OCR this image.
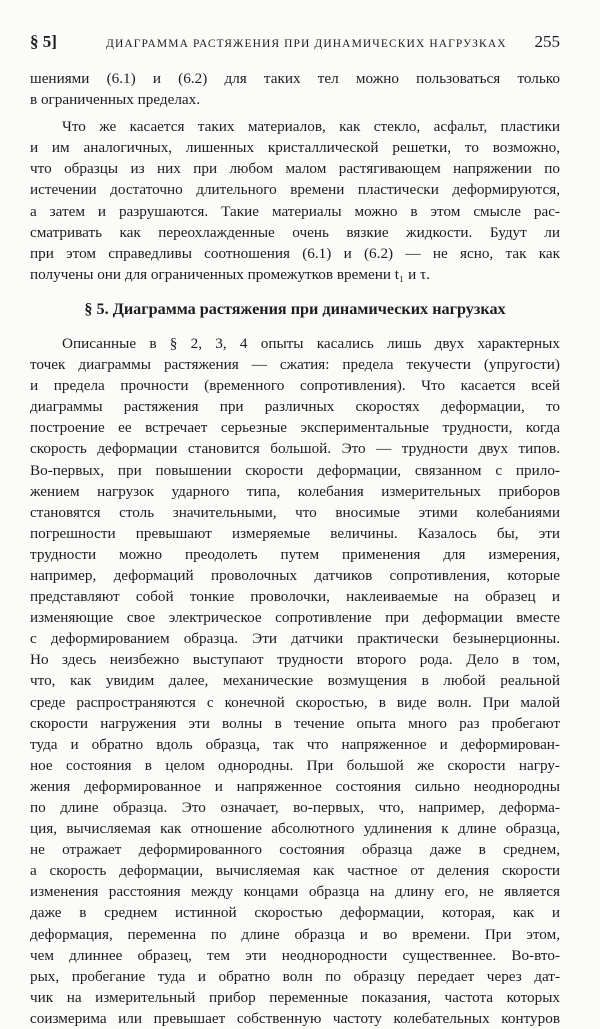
§ 5]	ДИАГРАММА РАСТЯЖЕНИЯ ПРИ ДИНАМИЧЕСКИХ НАГРУЗКАХ	255
шениями (6.1) и (6.2) для таких тел можно пользоваться только
в ограниченных пределах.
Что же касается таких материалов, как стекло, асфальт, пластики
и им аналогичных, лишенных кристаллической решетки, то возможно,
что образцы из них при любом малом растягивающем напряжении по
истечении достаточно длительного времени пластически деформируются,
а затем и разрушаются. Такие материалы можно в этом смысле рас-
сматривать как переохлажденные очень вязкие жидкости. Будут ли
при этом справедливы соотношения (6.1) и (6.2) — не ясно, так как
получены они для ограниченных промежутков времени t₁ и τ.
§ 5. Диаграмма растяжения при динамических нагрузках
Описанные в § 2, 3, 4 опыты касались лишь двух характерных
точек диаграммы растяжения — сжатия: предела текучести (упругости)
и предела прочности (временного сопротивления). Что касается всей
диаграммы растяжения при различных скоростях деформации, то
построение ее встречает серьезные экспериментальные трудности, когда
скорость деформации становится большой. Это — трудности двух типов.
Во-первых, при повышении скорости деформации, связанном с прило-
жением нагрузок ударного типа, колебания измерительных приборов
становятся столь значительными, что вносимые этими колебаниями
погрешности превышают измеряемые величины. Казалось бы, эти
трудности можно преодолеть путем применения для измерения,
например, деформаций проволочных датчиков сопротивления, которые
представляют собой тонкие проволочки, наклеиваемые на образец и
изменяющие свое электрическое сопротивление при деформации вместе
с деформированием образца. Эти датчики практически безынерционны.
Но здесь неизбежно выступают трудности второго рода. Дело в том,
что, как увидим далее, механические возмущения в любой реальной
среде распространяются с конечной скоростью, в виде волн. При малой
скорости нагружения эти волны в течение опыта много раз пробегают
туда и обратно вдоль образца, так что напряженное и деформирован-
ное состояния в целом однородны. При большой же скорости нагру-
жения деформированное и напряженное состояния сильно неоднородны
по длине образца. Это означает, во-первых, что, например, деформа-
ция, вычисляемая как отношение абсолютного удлинения к длине образца,
не отражает деформированного состояния образца даже в среднем,
а скорость деформации, вычисляемая как частное от деления скорости
изменения расстояния между концами образца на длину его, не является
даже в среднем истинной скоростью деформации, которая, как и
деформация, переменна по длине образца и во времени. При этом,
чем длиннее образец, тем эти неоднородности существеннее. Во-вто-
рых, пробегание туда и обратно волн по образцу передает через дат-
чик на измерительный прибор переменные показания, частота которых
соизмерима или превышает собственную частоту колебательных контуров
